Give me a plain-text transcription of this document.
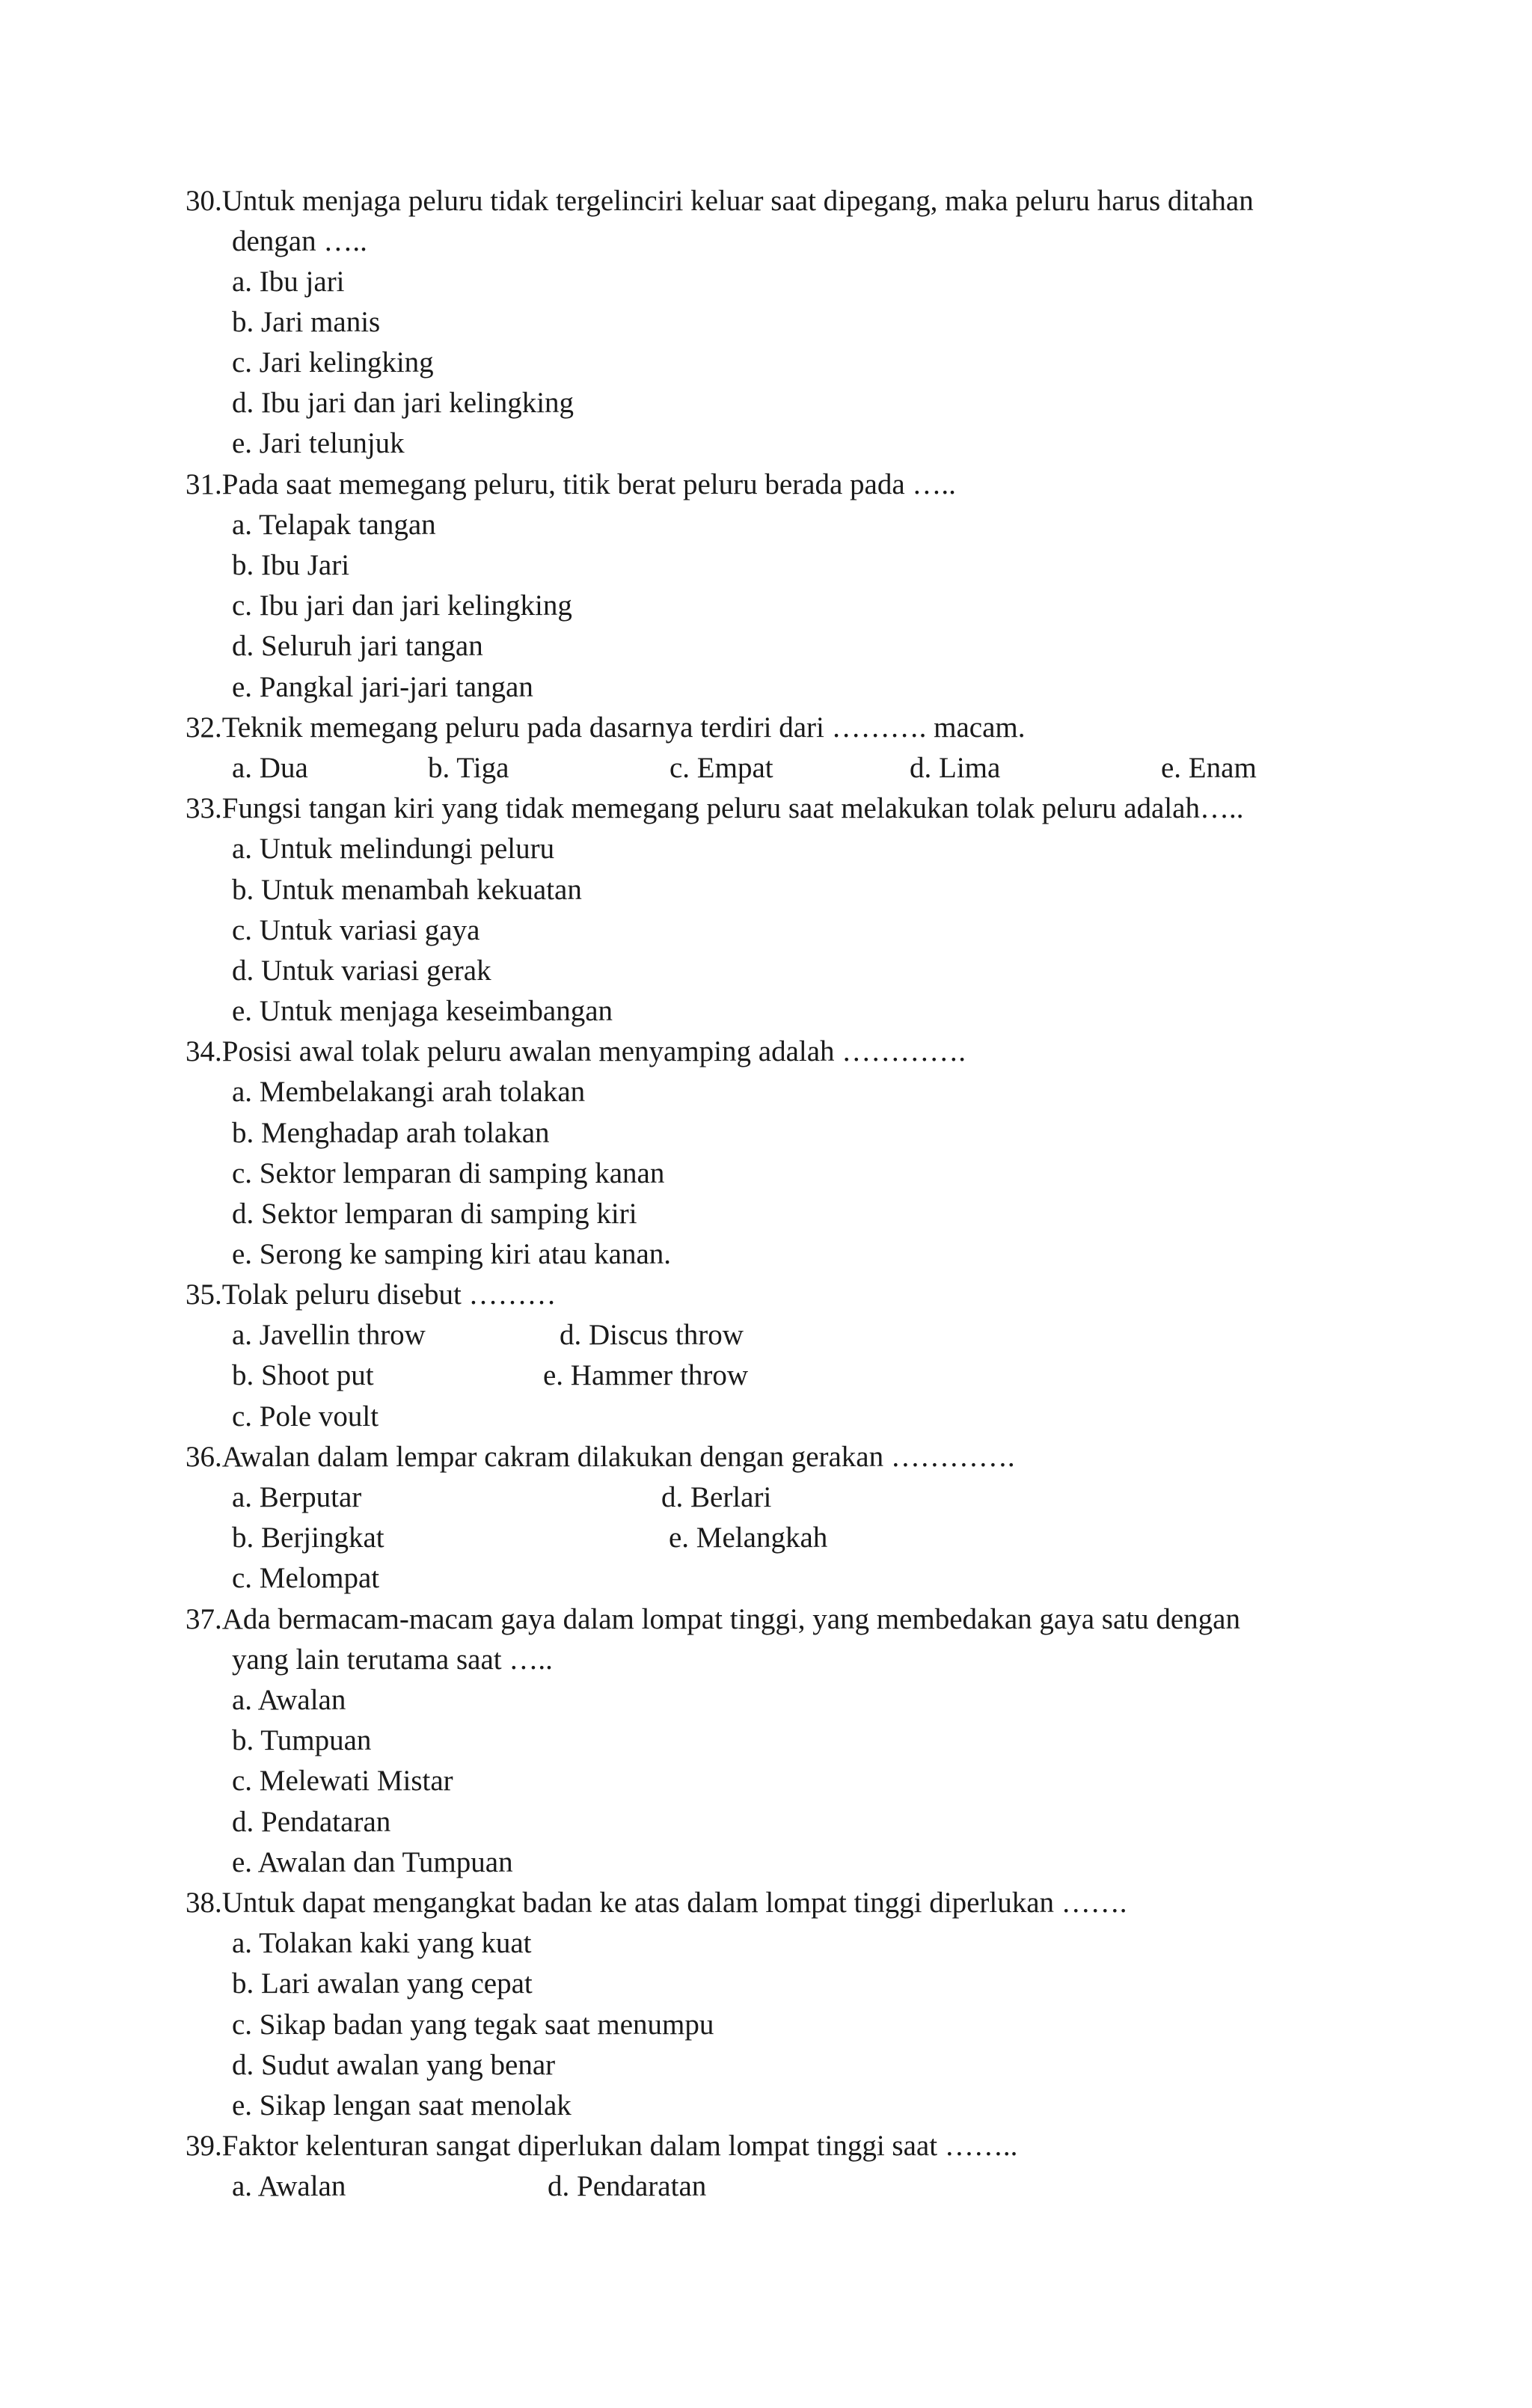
30.Untuk menjaga peluru tidak tergelinciri keluar saat dipegang, maka peluru harus ditahan
dengan …..
a. Ibu jari
b. Jari manis
c. Jari kelingking
d. Ibu jari dan jari kelingking
e. Jari telunjuk
31.Pada saat memegang peluru, titik berat peluru berada pada …..
a. Telapak tangan
b. Ibu Jari
c. Ibu jari dan jari kelingking
d. Seluruh jari tangan
e. Pangkal jari-jari tangan
32.Teknik memegang peluru pada dasarnya terdiri dari ………. macam.
a. Dua	b. Tiga	c. Empat	d. Lima	e. Enam
33.Fungsi tangan kiri yang tidak memegang peluru saat melakukan tolak peluru adalah…..
a. Untuk melindungi peluru
b. Untuk menambah kekuatan
c. Untuk variasi gaya
d. Untuk variasi gerak
e. Untuk menjaga keseimbangan
34.Posisi awal tolak peluru awalan menyamping adalah ………….
a. Membelakangi arah tolakan
b. Menghadap arah tolakan
c. Sektor lemparan di samping kanan
d. Sektor lemparan di samping kiri
e. Serong ke samping kiri atau kanan.
35.Tolak peluru disebut ………
a. Javellin throw	d. Discus throw
b. Shoot put	e. Hammer throw
c. Pole voult
36.Awalan dalam lempar cakram dilakukan dengan gerakan ………….
a. Berputar	d. Berlari
b. Berjingkat	e. Melangkah
c. Melompat
37.Ada bermacam-macam gaya dalam lompat tinggi, yang membedakan gaya satu dengan
yang lain terutama saat …..
a. Awalan
b. Tumpuan
c. Melewati Mistar
d. Pendataran
e. Awalan dan Tumpuan
38.Untuk dapat mengangkat badan ke atas dalam lompat tinggi diperlukan …….
a. Tolakan kaki yang kuat
b. Lari awalan yang cepat
c. Sikap badan yang tegak saat menumpu
d. Sudut awalan yang benar
e. Sikap lengan saat menolak
39.Faktor kelenturan sangat diperlukan dalam lompat tinggi saat ……..
a. Awalan	d. Pendaratan
